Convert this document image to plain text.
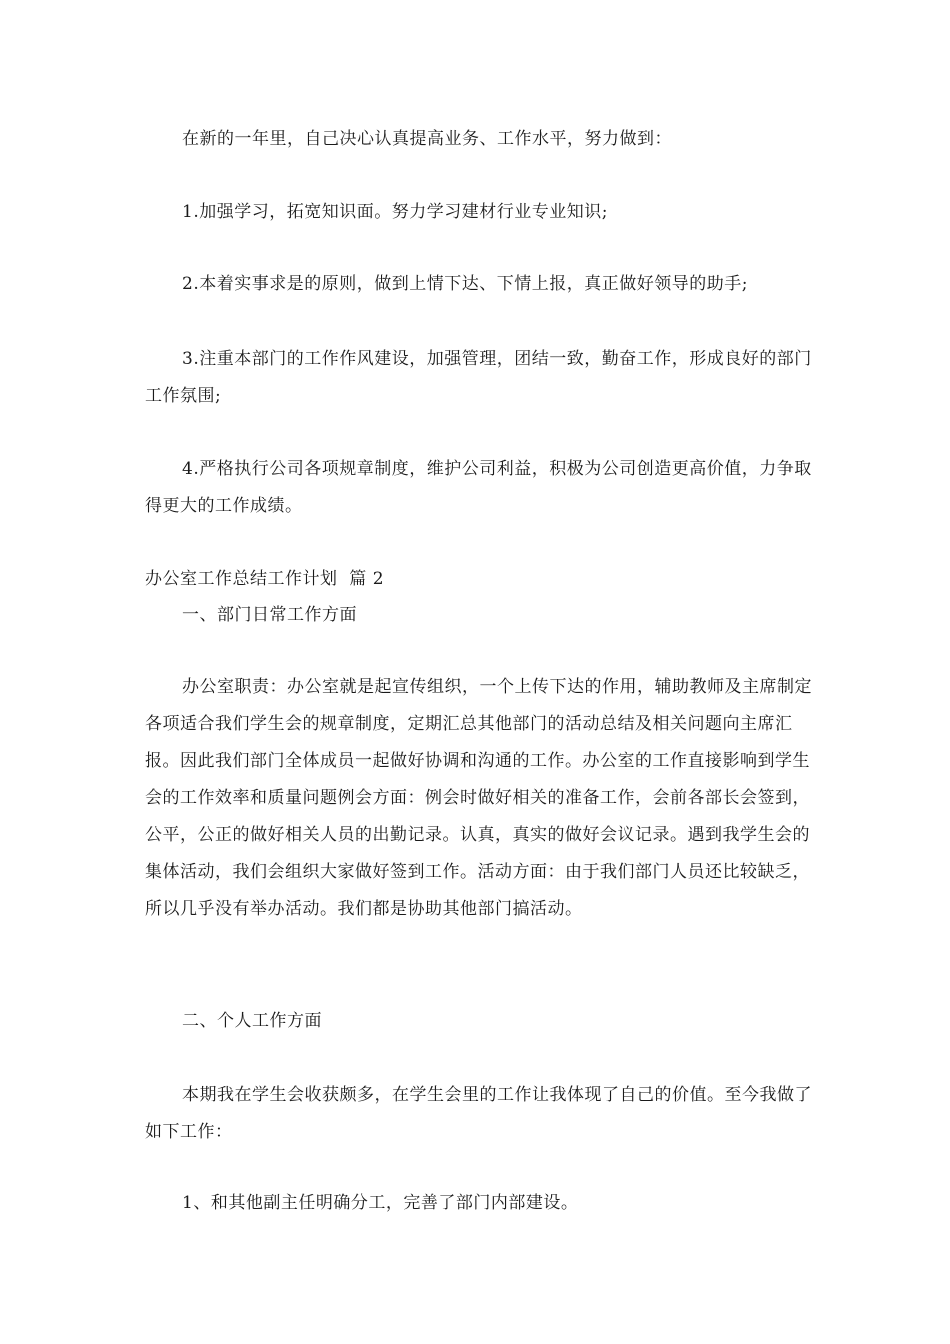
在新的一年里，自己决心认真提高业务、工作水平，努力做到：

1.加强学习，拓宽知识面。努力学习建材行业专业知识;

2.本着实事求是的原则，做到上情下达、下情上报，真正做好领导的助手;

3.注重本部门的工作作风建设，加强管理，团结一致，勤奋工作，形成良好的部门工作氛围;

4.严格执行公司各项规章制度，维护公司利益，积极为公司创造更高价值，力争取得更大的工作成绩。

办公室工作总结工作计划  篇 2

一、部门日常工作方面

办公室职责：办公室就是起宣传组织，一个上传下达的作用，辅助教师及主席制定各项适合我们学生会的规章制度，定期汇总其他部门的活动总结及相关问题向主席汇报。因此我们部门全体成员一起做好协调和沟通的工作。办公室的工作直接影响到学生会的工作效率和质量问题例会方面：例会时做好相关的准备工作，会前各部长会签到，公平，公正的做好相关人员的出勤记录。认真，真实的做好会议记录。遇到我学生会的集体活动，我们会组织大家做好签到工作。活动方面：由于我们部门人员还比较缺乏，所以几乎没有举办活动。我们都是协助其他部门搞活动。

二、个人工作方面

本期我在学生会收获颇多，在学生会里的工作让我体现了自己的价值。至今我做了如下工作：

1、和其他副主任明确分工，完善了部门内部建设。
